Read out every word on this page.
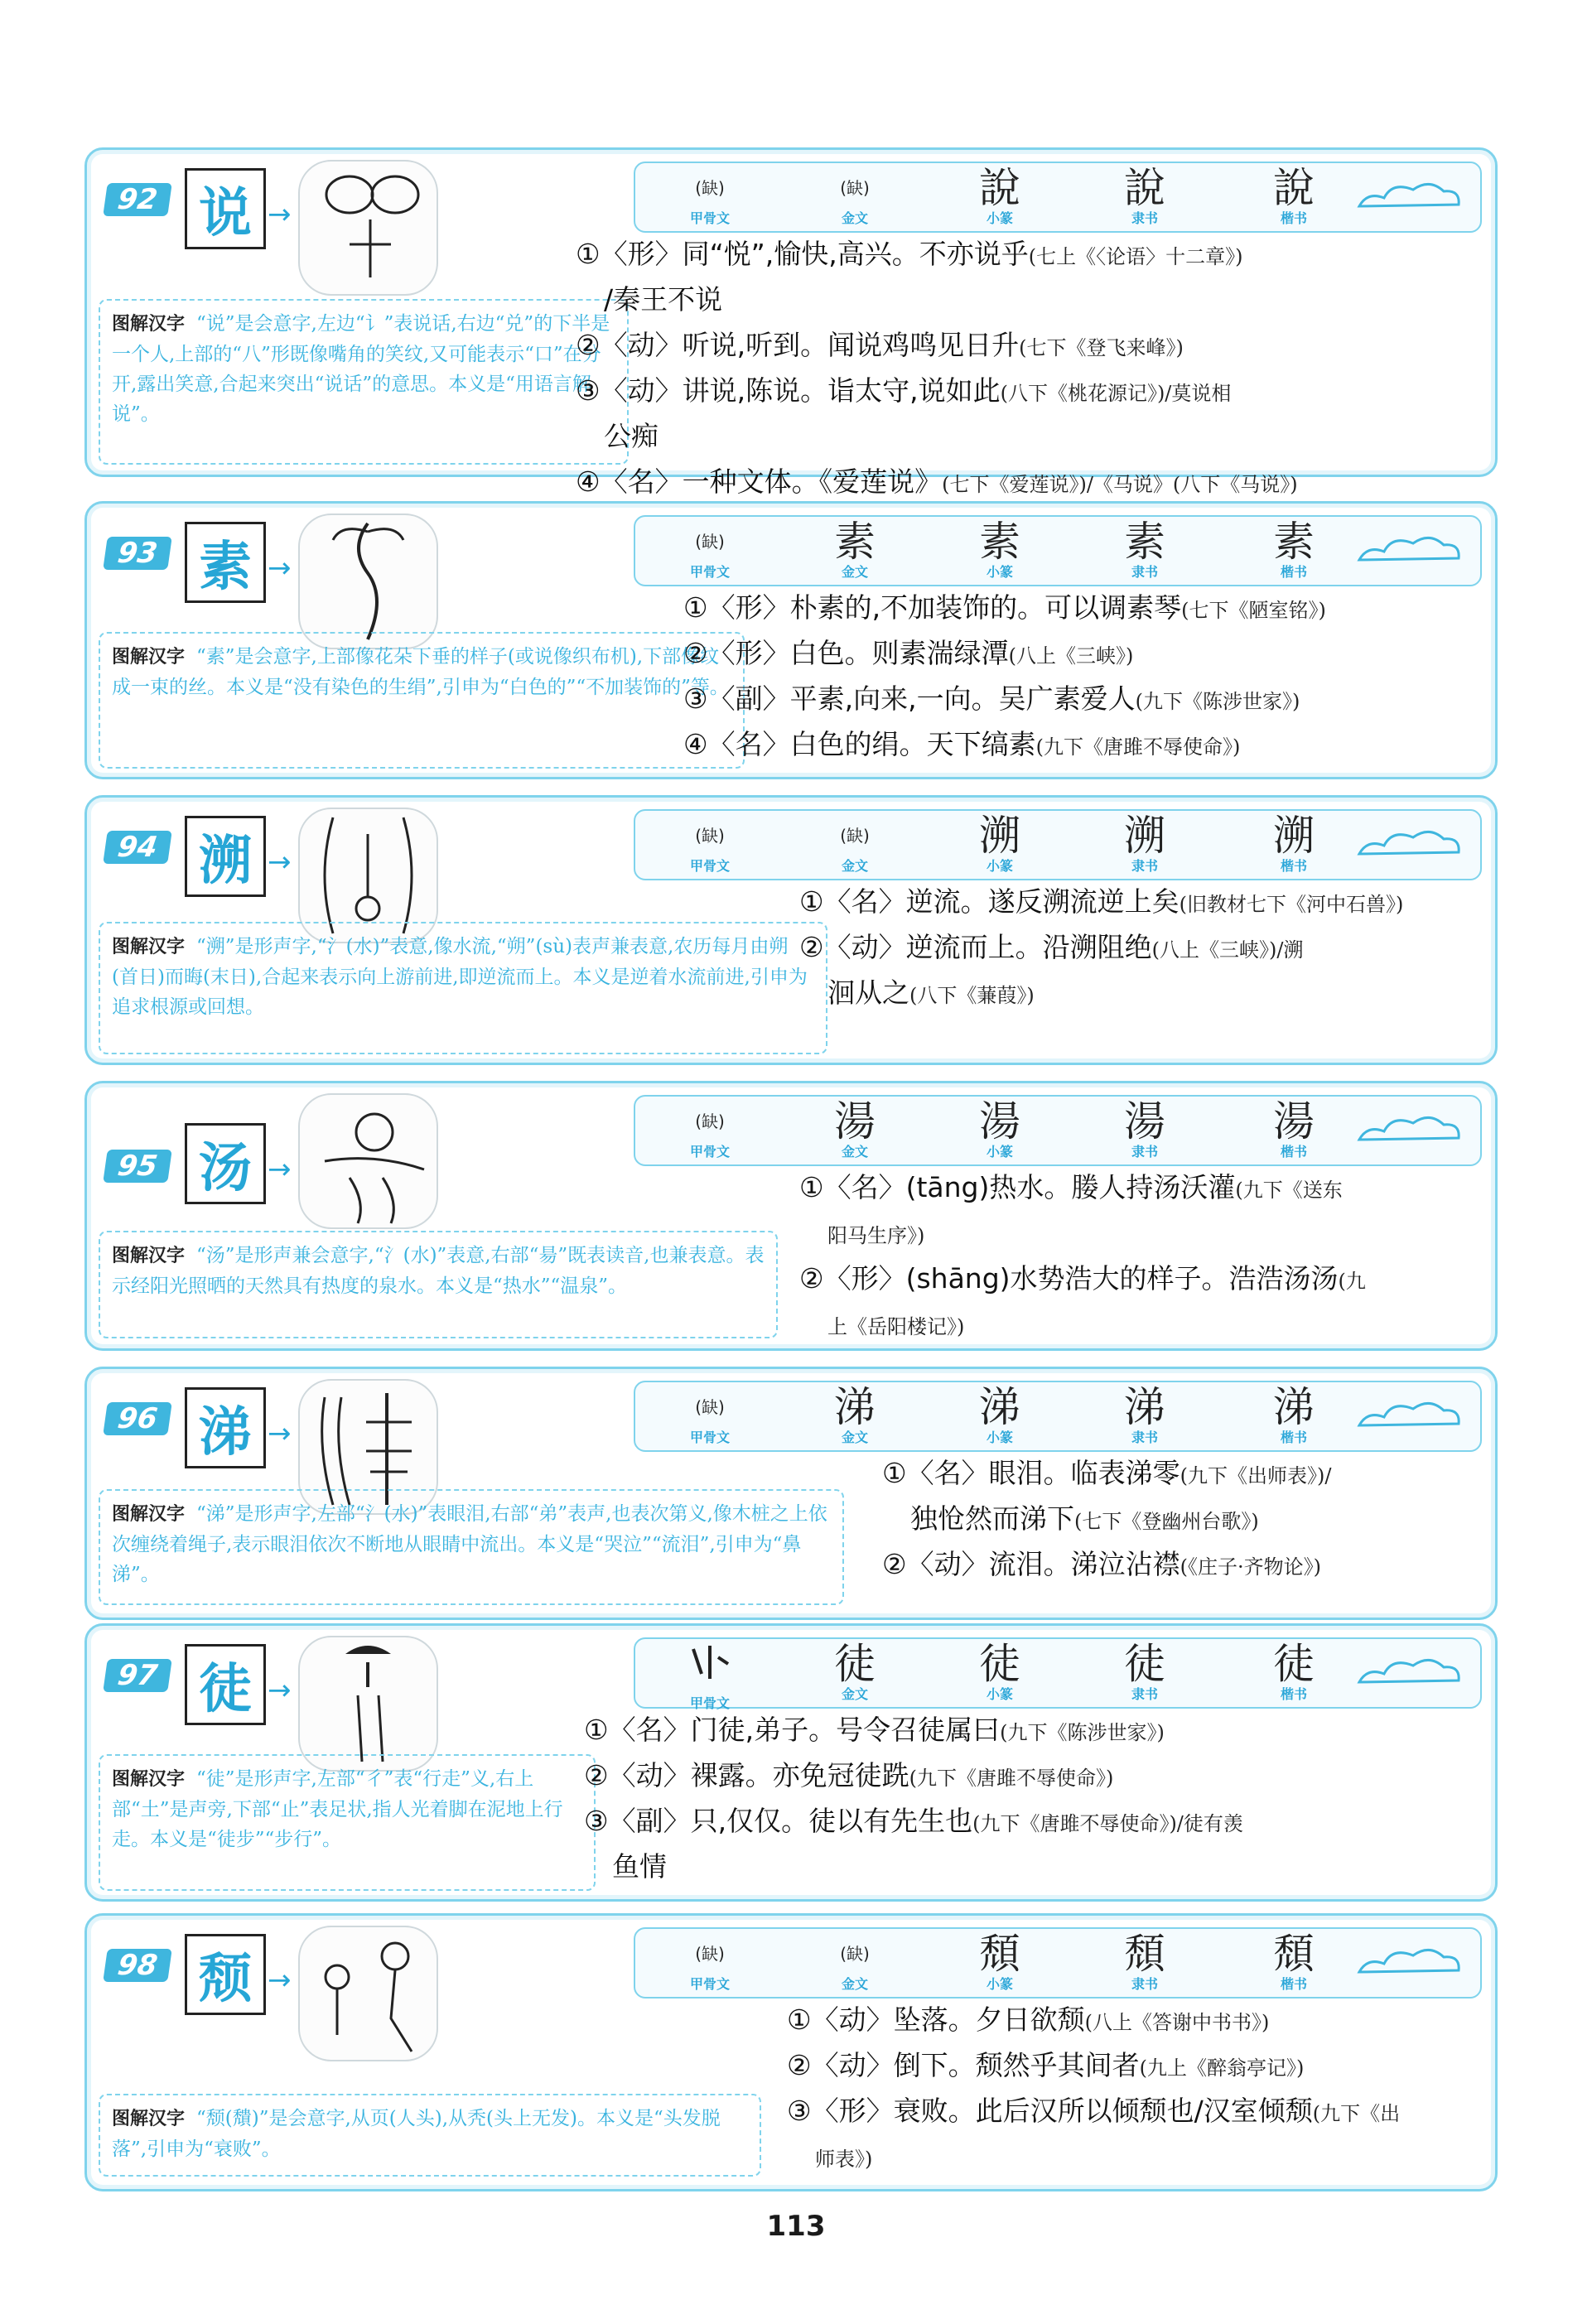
92 说 →
图解汉字 “说”是会意字,左边“讠”表说话,右边“兑”的下半是一个人,上部的“八”形既像嘴角的笑纹,又可能表示“口”在分开,露出笑意,合起来突出“说话”的意思。本义是“用语言解说”。
(缺)
甲骨文
(缺)
金文
說
小篆
說
隶书
說
楷书
①〈形〉同“悦”,愉快,高兴。不亦说乎(七上《〈论语〉十二章》)
/秦王不说
②〈动〉听说,听到。闻说鸡鸣见日升(七下《登飞来峰》)
③〈动〉讲说,陈说。诣太守,说如此(八下《桃花源记》)/莫说相
公痴
④〈名〉一种文体。《爱莲说》(七下《爱莲说》)/《马说》(八下《马说》)
93 素 →
图解汉字 “素”是会意字,上部像花朵下垂的样子(或说像织布机),下部像纹成一束的丝。本义是“没有染色的生绢”,引申为“白色的”“不加装饰的”等。
(缺)
甲骨文
素
金文
素
小篆
素
隶书
素
楷书
①〈形〉朴素的,不加装饰的。可以调素琴(七下《陋室铭》)
②〈形〉白色。则素湍绿潭(八上《三峡》)
③〈副〉平素,向来,一向。吴广素爱人(九下《陈涉世家》)
④〈名〉白色的绢。天下缟素(九下《唐雎不辱使命》)
94 溯 →
图解汉字 “溯”是形声字,“氵(水)”表意,像水流,“朔”(sù)表声兼表意,农历每月由朔(首日)而晦(末日),合起来表示向上游前进,即逆流而上。本义是逆着水流前进,引申为追求根源或回想。
(缺)
甲骨文
(缺)
金文
溯
小篆
溯
隶书
溯
楷书
①〈名〉逆流。遂反溯流逆上矣(旧教材七下《河中石兽》)
②〈动〉逆流而上。沿溯阻绝(八上《三峡》)/溯
洄从之(八下《蒹葭》)
95 汤 →
图解汉字 “汤”是形声兼会意字,“氵(水)”表意,右部“昜”既表读音,也兼表意。表示经阳光照晒的天然具有热度的泉水。本义是“热水”“温泉”。
(缺)
甲骨文
湯
金文
湯
小篆
湯
隶书
湯
楷书
①〈名〉(tāng)热水。媵人持汤沃灌(九下《送东
阳马生序》)
②〈形〉(shāng)水势浩大的样子。浩浩汤汤(九
上《岳阳楼记》)
96 涕 →
图解汉字 “涕”是形声字,左部“氵(水)”表眼泪,右部“弟”表声,也表次第义,像木桩之上依次缠绕着绳子,表示眼泪依次不断地从眼睛中流出。本义是“哭泣”“流泪”,引申为“鼻涕”。
(缺)
甲骨文
涕
金文
涕
小篆
涕
隶书
涕
楷书
①〈名〉眼泪。临表涕零(九下《出师表》)/
独怆然而涕下(七下《登幽州台歌》)
②〈动〉流泪。涕泣沾襟(《庄子·齐物论》)
97 徒 →
图解汉字 “徒”是形声字,左部“彳”表“行走”义,右上部“土”是声旁,下部“止”表足状,指人光着脚在泥地上行走。本义是“徒步”“步行”。
甲骨文
徒
金文
徒
小篆
徒
隶书
徒
楷书
①〈名〉门徒,弟子。号令召徒属曰(九下《陈涉世家》)
②〈动〉裸露。亦免冠徒跣(九下《唐雎不辱使命》)
③〈副〉只,仅仅。徒以有先生也(九下《唐雎不辱使命》)/徒有羡
鱼情
98 颓 →
图解汉字 “颓(穨)”是会意字,从页(人头),从秃(头上无发)。本义是“头发脱落”,引申为“衰败”。
(缺)
甲骨文
(缺)
金文
頹
小篆
頹
隶书
頹
楷书
①〈动〉坠落。夕日欲颓(八上《答谢中书书》)
②〈动〉倒下。颓然乎其间者(九上《醉翁亭记》)
③〈形〉衰败。此后汉所以倾颓也/汉室倾颓(九下《出
师表》)
113
